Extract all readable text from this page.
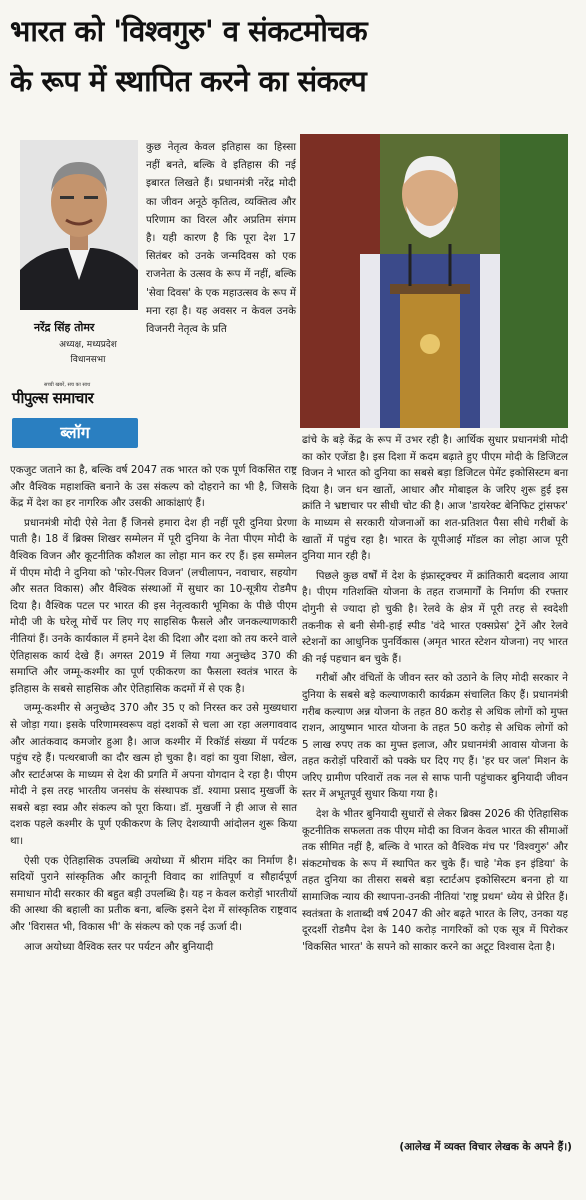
भारत को 'विश्वगुरु' व संकटमोचक
के रूप में स्थापित करने का संकल्प
नरेंद्र सिंह तोमर
अध्यक्ष, मध्यप्रदेश
विधानसभा
सच्ची खबरें, सच का साथ
पीपुल्स समाचार
ब्लॉग

कुछ नेतृत्व केवल इतिहास का हिस्सा नहीं बनते, बल्कि वे इतिहास की नई इबारत लिखते हैं। प्रधानमंत्री नरेंद्र मोदी का जीवन अनूठे कृतित्व, व्यक्तित्व और परिणाम का विरल और अप्रतिम संगम है। यही कारण है कि पूरा देश 17 सितंबर को उनके जन्मदिवस को एक राजनेता के उत्सव के रूप में नहीं, बल्कि 'सेवा दिवस' के एक महाउत्सव के रूप में मना रहा है। यह अवसर न केवल उनके विजनरी नेतृत्व के प्रति

एकजुट जताने का है, बल्कि वर्ष 2047 तक भारत को एक पूर्ण विकसित राष्ट्र और वैश्विक महाशक्ति बनाने के उस संकल्प को दोहराने का भी है, जिसके केंद्र में देश का हर नागरिक और उसकी आकांक्षाएं हैं।

प्रधानमंत्री मोदी ऐसे नेता हैं जिनसे हमारा देश ही नहीं पूरी दुनिया प्रेरणा पाती है। 18 वें ब्रिक्स शिखर सम्मेलन में पूरी दुनिया के नेता पीएम मोदी के वैश्विक विजन और कूटनीतिक कौशल का लोहा मान कर रए हैं। इस सम्मेलन में पीएम मोदी ने दुनिया को 'फोर-पिलर विजन' (लचीलापन, नवाचार, सहयोग और सतत विकास) और वैश्विक संस्थाओं में सुधार का 10-सूत्रीय रोडमैप दिया है। वैश्विक पटल पर भारत की इस नेतृत्वकारी भूमिका के पीछे पीएम मोदी जी के घरेलू मोर्चे पर लिए गए साहसिक फैसले और जनकल्याणकारी नीतियां हैं। उनके कार्यकाल में हमने देश की दिशा और दशा को तय करने वाले ऐतिहासक कार्य देखे हैं। अगस्त 2019 में लिया गया अनुच्छेद 370 की समाप्ति और जम्मू-कश्मीर का पूर्ण एकीकरण का फैसला स्वतंत्र भारत के इतिहास के सबसे साहसिक और ऐतिहासिक कदमों में से एक है।

जम्मू-कश्मीर से अनुच्छेद 370 और 35 ए को निरस्त कर उसे मुख्यधारा से जोड़ा गया। इसके परिणामस्वरूप वहां दशकों से चला आ रहा अलगाववाद और आतंकवाद कमजोर हुआ है। आज कश्मीर में रिकॉर्ड संख्या में पर्यटक पहुंच रहे हैं। पत्थरबाजी का दौर खत्म हो चुका है। वहां का युवा शिक्षा, खेल, और स्टार्टअप्स के माध्यम से देश की प्रगति में अपना योगदान दे रहा है। पीएम मोदी ने इस तरह भारतीय जनसंघ के संस्थापक डॉ. श्यामा प्रसाद मुखर्जी के सबसे बड़ा स्वप्न और संकल्प को पूरा किया। डॉ. मुखर्जी ने ही आज से सात दशक पहले कश्मीर के पूर्ण एकीकरण के लिए देशव्यापी आंदोलन शुरू किया था।

ऐसी एक ऐतिहासिक उपलब्धि अयोध्या में श्रीराम मंदिर का निर्माण है। सदियों पुराने सांस्कृतिक और कानूनी विवाद का शांतिपूर्ण व सौहार्दपूर्ण समाधान मोदी सरकार की बहुत बड़ी उपलब्धि है। यह न केवल करोड़ों भारतीयों की आस्था की बहाली का प्रतीक बना, बल्कि इसने देश में सांस्कृतिक राष्ट्रवाद और 'विरासत भी, विकास भी' के संकल्प को एक नई ऊर्जा दी।

आज अयोध्या वैश्विक स्तर पर पर्यटन और बुनियादी

ढांचे के बड़े केंद्र के रूप में उभर रही है। आर्थिक सुधार प्रधानमंत्री मोदी का कोर एजेंडा है। इस दिशा में कदम बढ़ाते हुए पीएम मोदी के डिजिटल विजन ने भारत को दुनिया का सबसे बड़ा डिजिटल पेमेंट इकोसिस्टम बना दिया है। जन धन खातों, आधार और मोबाइल के जरिए शुरू हुई इस क्रांति ने भ्रष्टाचार पर सीधी चोट की है। आज 'डायरेक्ट बेनिफिट ट्रांसफर' के माध्यम से सरकारी योजनाओं का शत-प्रतिशत पैसा सीधे गरीबों के खातों में पहुंच रहा है। भारत के यूपीआई मॉडल का लोहा आज पूरी दुनिया मान रही है।

पिछले कुछ वर्षों में देश के इंफ्रास्ट्रक्चर में क्रांतिकारी बदलाव आया है। पीएम गतिशक्ति योजना के तहत राजमार्गों के निर्माण की रफ्तार दोगुनी से ज्यादा हो चुकी है। रेलवे के क्षेत्र में पूरी तरह से स्वदेशी तकनीक से बनी सेमी-हाई स्पीड 'वंदे भारत एक्सप्रेस' ट्रेनें और रेलवे स्टेशनों का आधुनिक पुनर्विकास (अमृत भारत स्टेशन योजना) नए भारत की नई पहचान बन चुके हैं।

गरीबों और वंचितों के जीवन स्तर को उठाने के लिए मोदी सरकार ने दुनिया के सबसे बड़े कल्याणकारी कार्यक्रम संचालित किए हैं। प्रधानमंत्री गरीब कल्याण अन्न योजना के तहत 80 करोड़ से अधिक लोगों को मुफ्त राशन, आयुष्मान भारत योजना के तहत 50 करोड़ से अधिक लोगों को 5 लाख रुपए तक का मुफ्त इलाज, और प्रधानमंत्री आवास योजना के तहत करोड़ों परिवारों को पक्के घर दिए गए हैं। 'हर घर जल' मिशन के जरिए ग्रामीण परिवारों तक नल से साफ पानी पहुंचाकर बुनियादी जीवन स्तर में अभूतपूर्व सुधार किया गया है।

देश के भीतर बुनियादी सुधारों से लेकर ब्रिक्स 2026 की ऐतिहासिक कूटनीतिक सफलता तक पीएम मोदी का विजन केवल भारत की सीमाओं तक सीमित नहीं है, बल्कि वे भारत को वैश्विक मंच पर 'विश्वगुरु' और संकटमोचक के रूप में स्थापित कर चुके हैं। चाहे 'मेक इन इंडिया' के तहत दुनिया का तीसरा सबसे बड़ा स्टार्टअप इकोसिस्टम बनना हो या सामाजिक न्याय की स्थापना-उनकी नीतियां 'राष्ट्र प्रथम' ध्येय से प्रेरित हैं। स्वतंत्रता के शताब्दी वर्ष 2047 की ओर बढ़ते भारत के लिए, उनका यह दूरदर्शी रोडमैप देश के 140 करोड़ नागरिकों को एक सूत्र में पिरोकर 'विकसित भारत' के सपने को साकार करने का अटूट विश्वास देता है।

(आलेख में व्यक्त विचार लेखक के अपने हैं।)
